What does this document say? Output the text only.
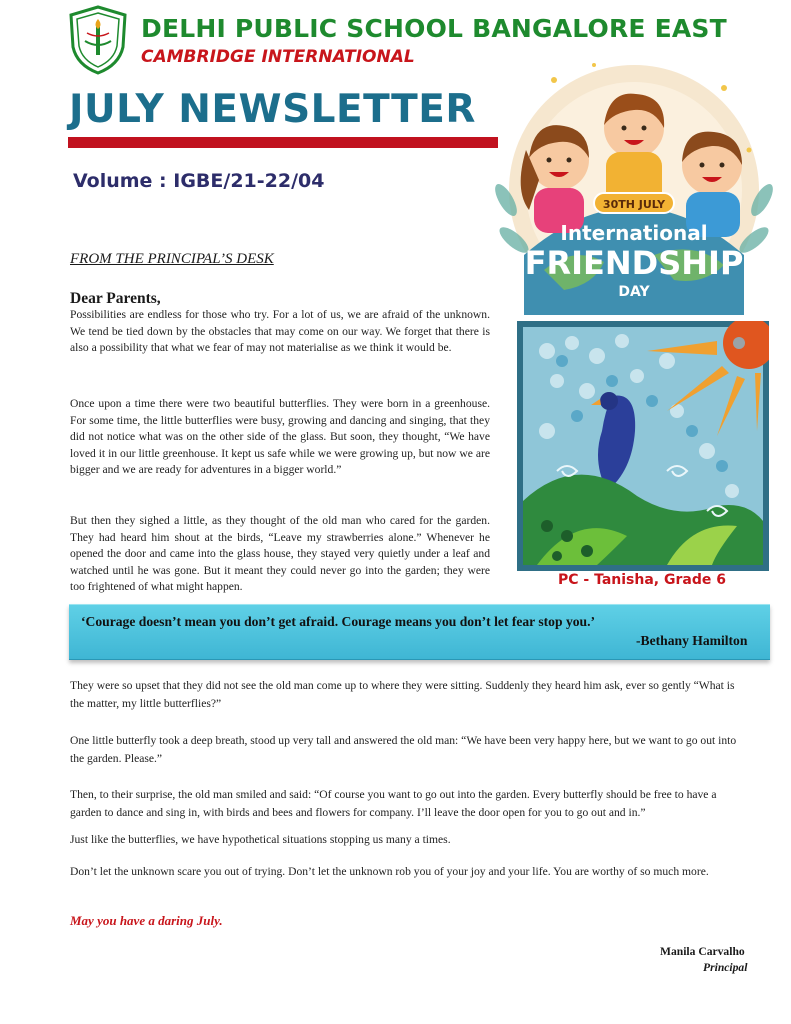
DELHI PUBLIC SCHOOL BANGALORE EAST
CAMBRIDGE INTERNATIONAL
JULY NEWSLETTER
Volume : IGBE/21-22/04
30TH JULY
International
FRIENDSHIP
DAY
FROM THE PRINCIPAL’S DESK
Dear Parents,
Possibilities are endless for those who try. For a lot of us, we are afraid of the unknown. We tend be tied down by the obstacles that may come on our way. We forget that there is also a possibility that what we fear of may not materialise as we think it would be.
Once upon a time there were two beautiful butterflies. They were born in a greenhouse. For some time, the little butterflies were busy, growing and dancing and singing, that they did not notice what was on the other side of the glass. But soon, they thought, “We have loved it in our little greenhouse. It kept us safe while we were growing up, but now we are bigger and we are ready for adventures in a bigger world.”
But then they sighed a little, as they thought of the old man who cared for the garden. They had heard him shout at the birds, “Leave my strawberries alone.” Whenever he opened the door and came into the glass house, they stayed very quietly under a leaf and watched until he was gone. But it meant they could never go into the garden; they were too frightened of what might happen.	PC - Tanisha, Grade 6
‘Courage doesn’t mean you don’t get afraid. Courage means you don’t let fear stop you.’
-Bethany Hamilton
They were so upset that they did not see the old man come up to where they were sitting. Suddenly they heard him ask, ever so gently “What is the matter, my little butterflies?”
One little butterfly took a deep breath, stood up very tall and answered the old man: “We have been very happy here, but we want to go out into the garden. Please.”
Then, to their surprise, the old man smiled and said: “Of course you want to go out into the garden. Every butterfly should be free to have a garden to dance and sing in, with birds and bees and flowers for company. I’ll leave the door open for you to go out and in.”
Just like the butterflies, we have hypothetical situations stopping us many a times.
Don’t let the unknown scare you out of trying. Don’t let the unknown rob you of your joy and your life. You are worthy of so much more.
May you have a daring July.
Manila Carvalho
Principal
